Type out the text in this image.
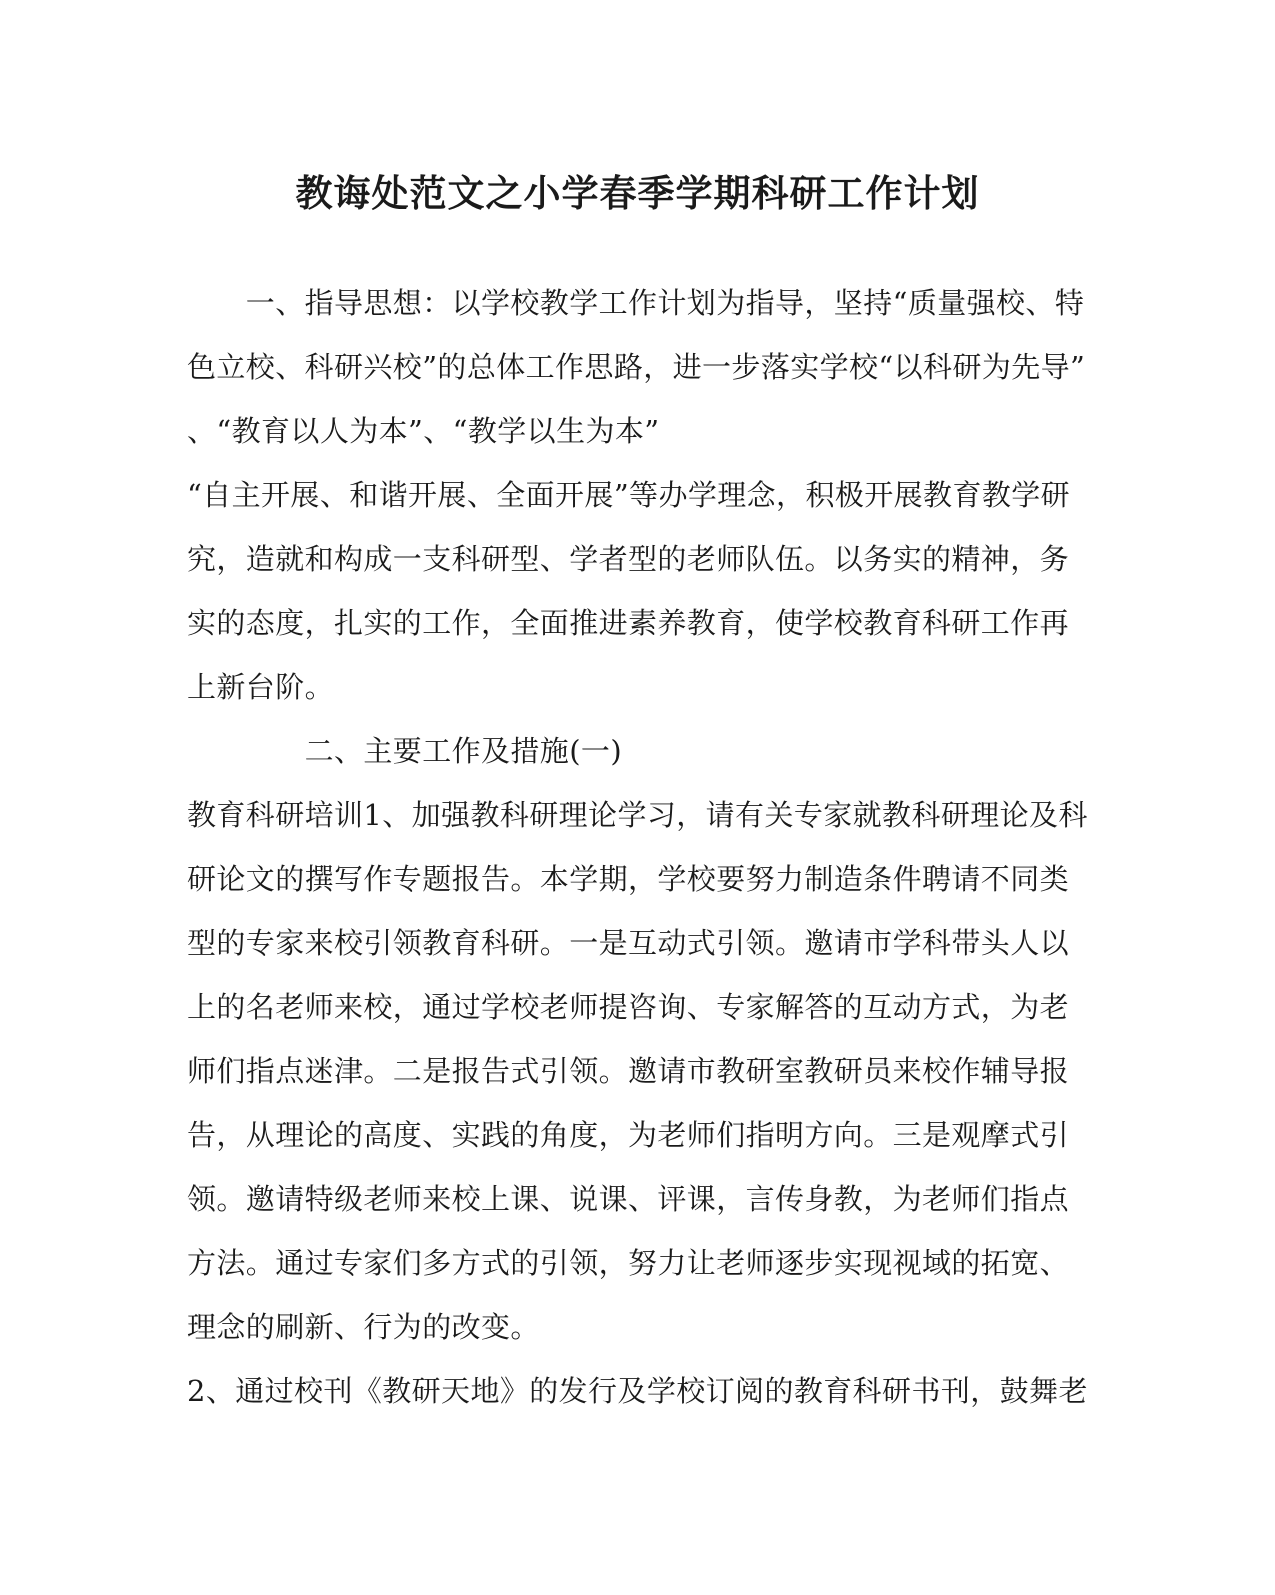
教诲处范文之小学春季学期科研工作计划
　　一、指导思想：以学校教学工作计划为指导，坚持“质量强校、特
色立校、科研兴校”的总体工作思路，进一步落实学校“以科研为先导”
、“教育以人为本”、“教学以生为本”
“自主开展、和谐开展、全面开展”等办学理念，积极开展教育教学研
究，造就和构成一支科研型、学者型的老师队伍。以务实的精神，务
实的态度，扎实的工作，全面推进素养教育，使学校教育科研工作再
上新台阶。
　　　　二、主要工作及措施(一)
教育科研培训1、加强教科研理论学习，请有关专家就教科研理论及科
研论文的撰写作专题报告。本学期，学校要努力制造条件聘请不同类
型的专家来校引领教育科研。一是互动式引领。邀请市学科带头人以
上的名老师来校，通过学校老师提咨询、专家解答的互动方式，为老
师们指点迷津。二是报告式引领。邀请市教研室教研员来校作辅导报
告，从理论的高度、实践的角度，为老师们指明方向。三是观摩式引
领。邀请特级老师来校上课、说课、评课，言传身教，为老师们指点
方法。通过专家们多方式的引领，努力让老师逐步实现视域的拓宽、
理念的刷新、行为的改变。
2、通过校刊《教研天地》的发行及学校订阅的教育科研书刊，鼓舞老
